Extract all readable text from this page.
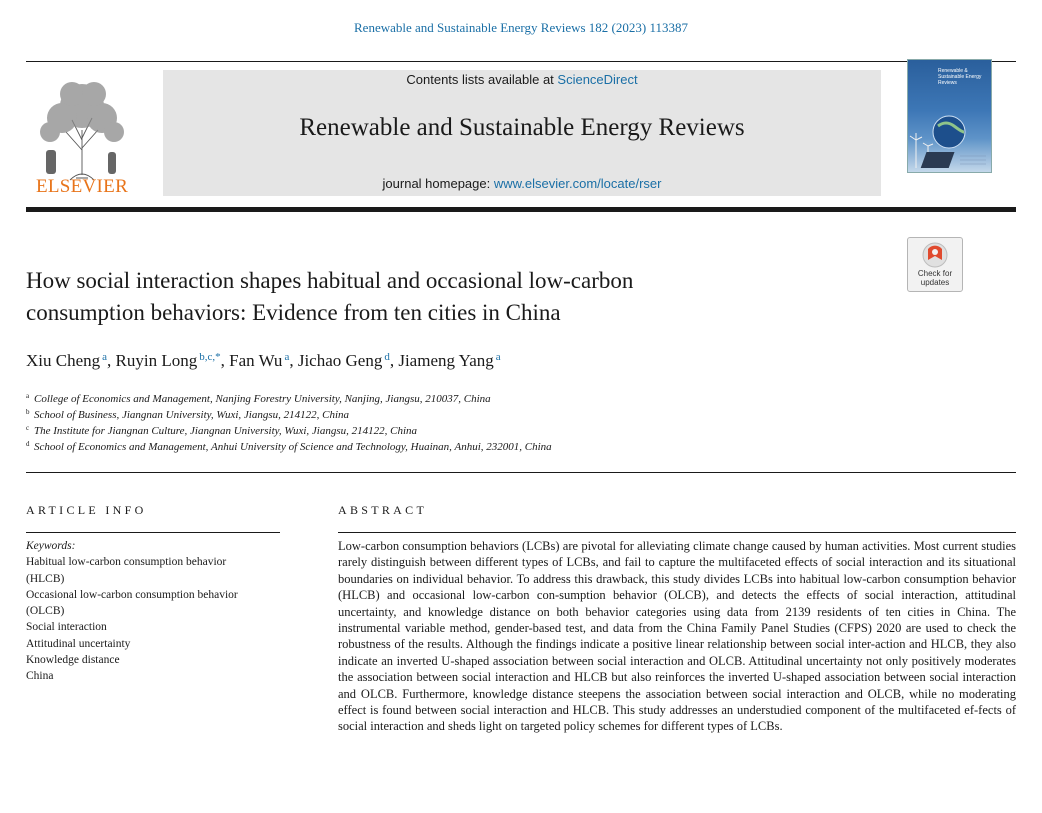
Renewable and Sustainable Energy Reviews 182 (2023) 113387
ELSEVIER
Contents lists available at ScienceDirect
Renewable and Sustainable Energy Reviews
journal homepage: www.elsevier.com/locate/rser
Renewable & Sustainable Energy Reviews
Check for
updates
How social interaction shapes habitual and occasional low-carbon
consumption behaviors: Evidence from ten cities in China
Xiu Cheng $^a$, Ruyin Long $^{b,c,*}$, Fan Wu $^a$, Jichao Geng $^d$, Jiameng Yang $^a$
a College of Economics and Management, Nanjing Forestry University, Nanjing, Jiangsu, 210037, China
b School of Business, Jiangnan University, Wuxi, Jiangsu, 214122, China
c The Institute for Jiangnan Culture, Jiangnan University, Wuxi, Jiangsu, 214122, China
d School of Economics and Management, Anhui University of Science and Technology, Huainan, Anhui, 232001, China
ARTICLE INFO	ABSTRACT
Keywords:
Habitual low-carbon consumption behavior
(HLCB)
Occasional low-carbon consumption behavior
(OLCB)
Social interaction
Attitudinal uncertainty
Knowledge distance
China
Low-carbon consumption behaviors (LCBs) are pivotal for alleviating climate change caused by human activities. Most current studies rarely distinguish between different types of LCBs, and fail to capture the multifaceted effects of social interaction and its situational boundaries on individual behavior. To address this drawback, this study divides LCBs into habitual low-carbon consumption behavior (HLCB) and occasional low-carbon con-sumption behavior (OLCB), and detects the effects of social interaction, attitudinal uncertainty, and knowledge distance on both behavior categories using data from 2139 residents of ten cities in China. The instrumental variable method, gender-based test, and data from the China Family Panel Studies (CFPS) 2020 are used to check the robustness of the results. Although the findings indicate a positive linear relationship between social inter-action and HLCB, they also indicate an inverted U-shaped association between social interaction and OLCB. Attitudinal uncertainty not only positively moderates the association between social interaction and HLCB but also reinforces the inverted U-shaped association between social interaction and OLCB. Furthermore, knowledge distance steepens the association between social interaction and OLCB, while no moderating effect is found between social interaction and HLCB. This study addresses an understudied component of the multifaceted ef-fects of social interaction and sheds light on targeted policy schemes for different types of LCBs.
